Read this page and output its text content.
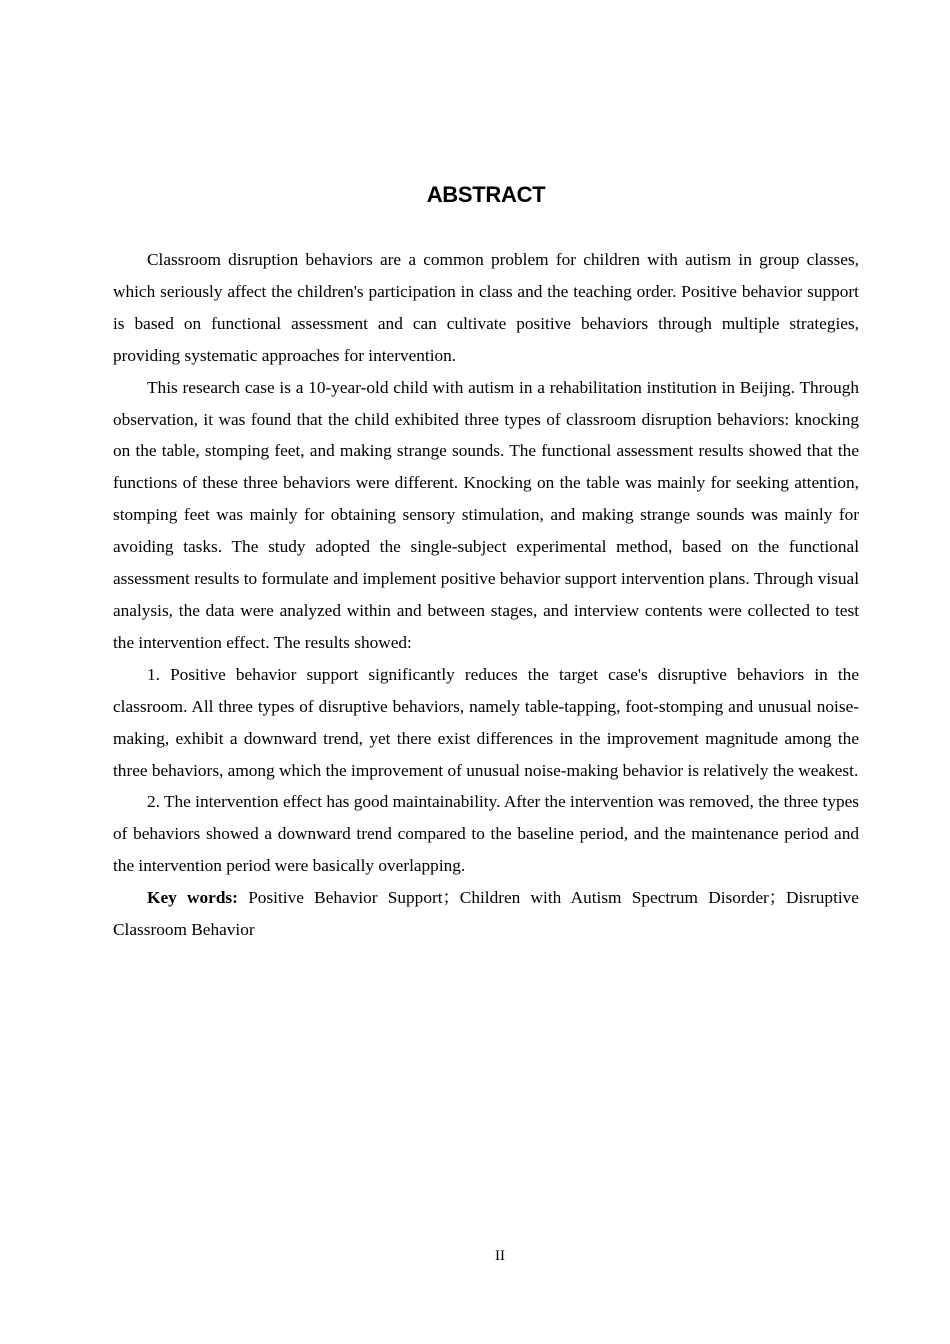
ABSTRACT

Classroom disruption behaviors are a common problem for children with autism in group classes, which seriously affect the children's participation in class and the teaching order. Positive behavior support is based on functional assessment and can cultivate positive behaviors through multiple strategies, providing systematic approaches for intervention.

This research case is a 10-year-old child with autism in a rehabilitation institution in Beijing. Through observation, it was found that the child exhibited three types of classroom disruption behaviors: knocking on the table, stomping feet, and making strange sounds. The functional assessment results showed that the functions of these three behaviors were different. Knocking on the table was mainly for seeking attention, stomping feet was mainly for obtaining sensory stimulation, and making strange sounds was mainly for avoiding tasks. The study adopted the single-subject experimental method, based on the functional assessment results to formulate and implement positive behavior support intervention plans. Through visual analysis, the data were analyzed within and between stages, and interview contents were collected to test the intervention effect. The results showed:

1. Positive behavior support significantly reduces the target case's disruptive behaviors in the classroom. All three types of disruptive behaviors, namely table-tapping, foot-stomping and unusual noise-making, exhibit a downward trend, yet there exist differences in the improvement magnitude among the three behaviors, among which the improvement of unusual noise-making behavior is relatively the weakest.

2. The intervention effect has good maintainability. After the intervention was removed, the three types of behaviors showed a downward trend compared to the baseline period, and the maintenance period and the intervention period were basically overlapping.

Key words: Positive Behavior Support；Children with Autism Spectrum Disorder；Disruptive Classroom Behavior

II
